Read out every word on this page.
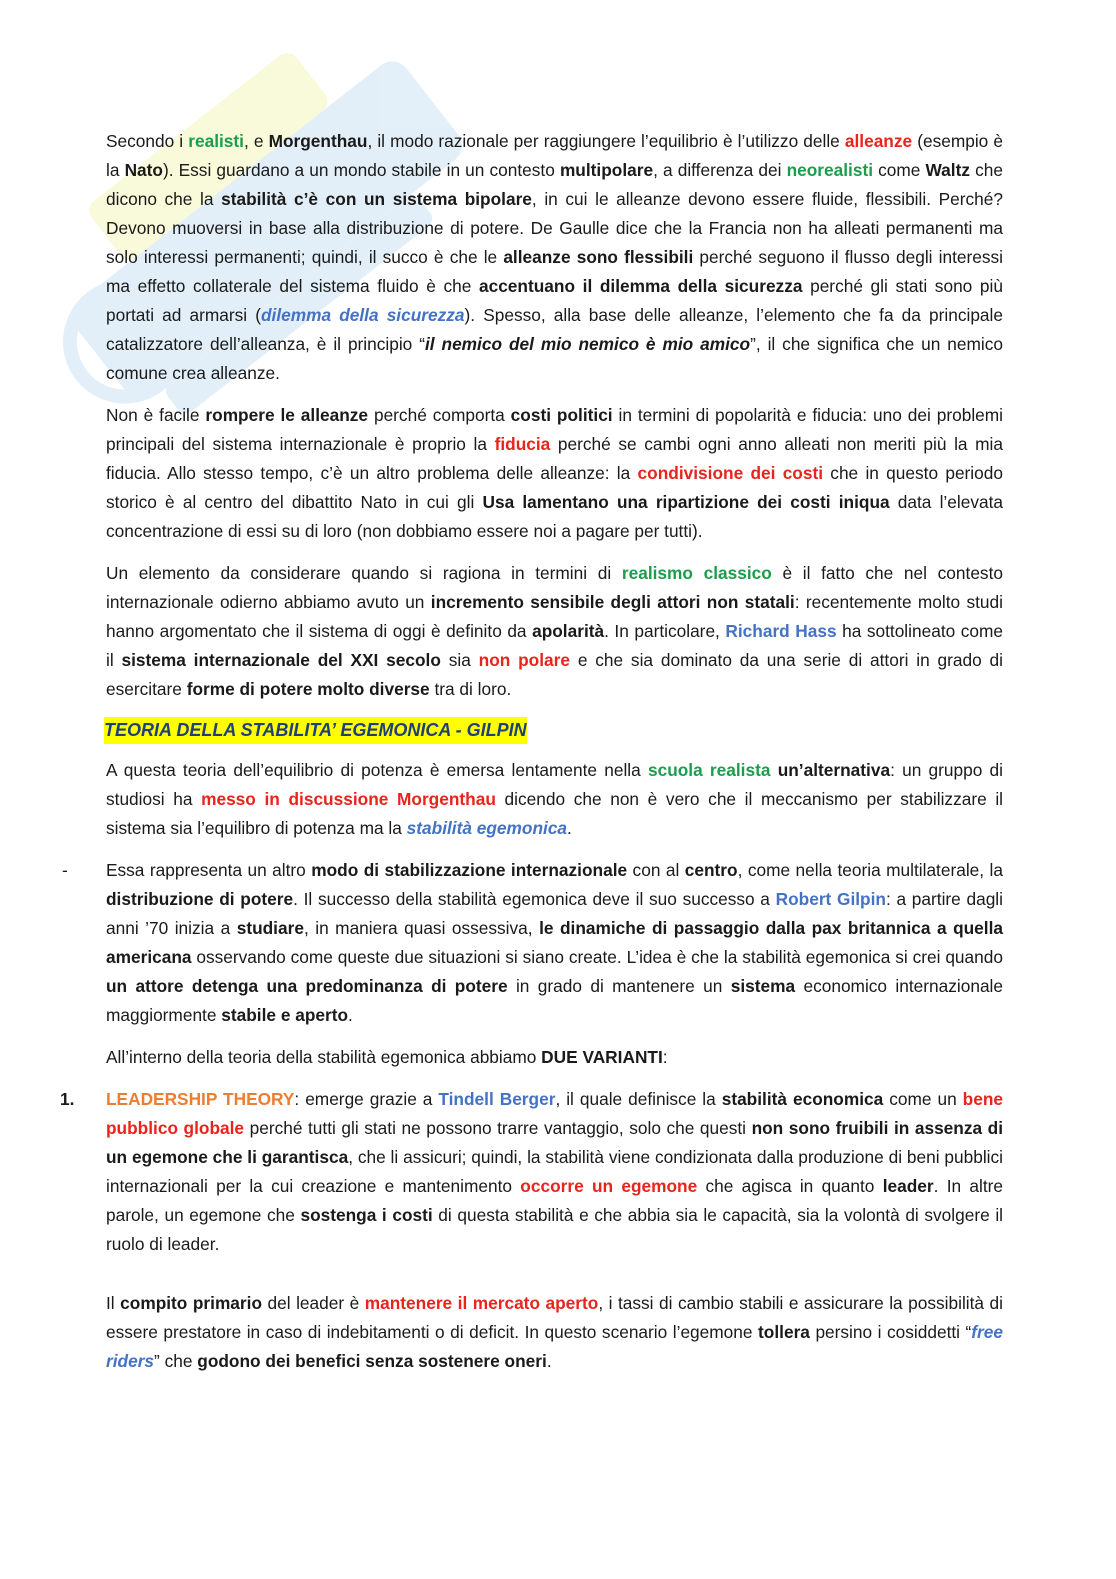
Secondo i realisti, e Morgenthau, il modo razionale per raggiungere l’equilibrio è l’utilizzo delle alleanze (esempio è la Nato). Essi guardano a un mondo stabile in un contesto multipolare, a differenza dei neorealisti come Waltz che dicono che la stabilità c’è con un sistema bipolare, in cui le alleanze devono essere fluide, flessibili. Perché? Devono muoversi in base alla distribuzione di potere. De Gaulle dice che la Francia non ha alleati permanenti ma solo interessi permanenti; quindi, il succo è che le alleanze sono flessibili perché seguono il flusso degli interessi ma effetto collaterale del sistema fluido è che accentuano il dilemma della sicurezza perché gli stati sono più portati ad armarsi (dilemma della sicurezza). Spesso, alla base delle alleanze, l’elemento che fa da principale catalizzatore dell’alleanza, è il principio “il nemico del mio nemico è mio amico”, il che significa che un nemico comune crea alleanze.

Non è facile rompere le alleanze perché comporta costi politici in termini di popolarità e fiducia: uno dei problemi principali del sistema internazionale è proprio la fiducia perché se cambi ogni anno alleati non meriti più la mia fiducia. Allo stesso tempo, c’è un altro problema delle alleanze: la condivisione dei costi che in questo periodo storico è al centro del dibattito Nato in cui gli Usa lamentano una ripartizione dei costi iniqua data l’elevata concentrazione di essi su di loro (non dobbiamo essere noi a pagare per tutti).

Un elemento da considerare quando si ragiona in termini di realismo classico è il fatto che nel contesto internazionale odierno abbiamo avuto un incremento sensibile degli attori non statali: recentemente molto studi hanno argomentato che il sistema di oggi è definito da apolarità. In particolare, Richard Hass ha sottolineato come il sistema internazionale del XXI secolo sia non polare e che sia dominato da una serie di attori in grado di esercitare forme di potere molto diverse tra di loro.

TEORIA DELLA STABILITA’ EGEMONICA - GILPIN

A questa teoria dell’equilibrio di potenza è emersa lentamente nella scuola realista un’alternativa: un gruppo di studiosi ha messo in discussione Morgenthau dicendo che non è vero che il meccanismo per stabilizzare il sistema sia l’equilibro di potenza ma la stabilità egemonica.

- Essa rappresenta un altro modo di stabilizzazione internazionale con al centro, come nella teoria multilaterale, la distribuzione di potere. Il successo della stabilità egemonica deve il suo successo a Robert Gilpin: a partire dagli anni ’70 inizia a studiare, in maniera quasi ossessiva, le dinamiche di passaggio dalla pax britannica a quella americana osservando come queste due situazioni si siano create. L’idea è che la stabilità egemonica si crei quando un attore detenga una predominanza di potere in grado di mantenere un sistema economico internazionale maggiormente stabile e aperto.

All’interno della teoria della stabilità egemonica abbiamo DUE VARIANTI:

1. LEADERSHIP THEORY: emerge grazie a Tindell Berger, il quale definisce la stabilità economica come un bene pubblico globale perché tutti gli stati ne possono trarre vantaggio, solo che questi non sono fruibili in assenza di un egemone che li garantisca, che li assicuri; quindi, la stabilità viene condizionata dalla produzione di beni pubblici internazionali per la cui creazione e mantenimento occorre un egemone che agisca in quanto leader. In altre parole, un egemone che sostenga i costi di questa stabilità e che abbia sia le capacità, sia la volontà di svolgere il ruolo di leader.

Il compito primario del leader è mantenere il mercato aperto, i tassi di cambio stabili e assicurare la possibilità di essere prestatore in caso di indebitamenti o di deficit. In questo scenario l’egemone tollera persino i cosiddetti “free riders” che godono dei benefici senza sostenere oneri.
